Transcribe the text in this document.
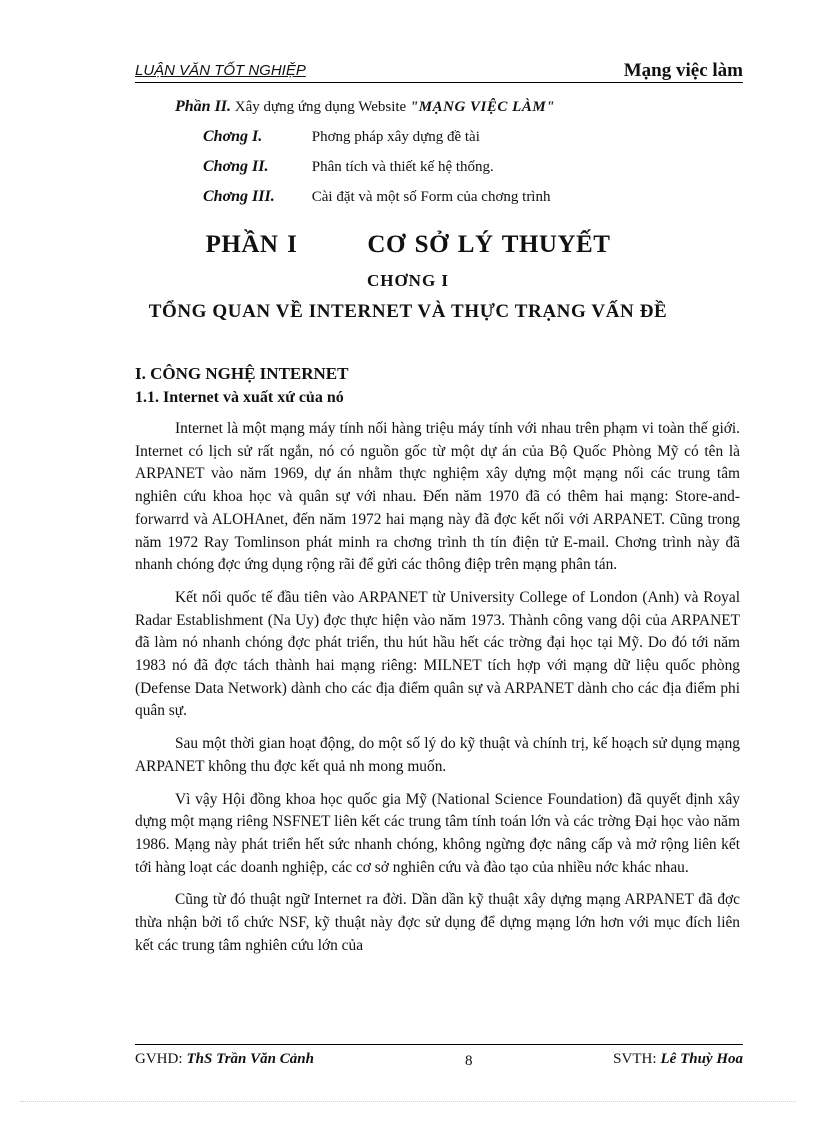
LUẬN VĂN TỐT NGHIỆP	Mạng việc làm
Phần II. Xây dựng ứng dụng Website "MẠNG VIỆC LÀM"
Chơng I.	Phơng pháp xây dựng đề tài
Chơng II.	Phân tích và thiết kế hệ thống.
Chơng III. Cài đặt và một số Form của chơng trình
PHẦN I	CƠ SỞ LÝ THUYẾT
CHƠNG I
TỔNG QUAN VỀ INTERNET VÀ THỰC TRẠNG VẤN ĐỀ
I. CÔNG NGHỆ INTERNET
1.1. Internet và xuất xứ của nó

Internet là một mạng máy tính nối hàng triệu máy tính với nhau trên phạm vi toàn thế giới. Internet có lịch sử rất ngắn, nó có nguồn gốc từ một dự án của Bộ Quốc Phòng Mỹ có tên là ARPANET vào năm 1969, dự án nhằm thực nghiệm xây dựng một mạng nối các trung tâm nghiên cứu khoa học và quân sự với nhau. Đến năm 1970 đã có thêm hai mạng: Store-and-forwarrd và ALOHAnet, đến năm 1972 hai mạng này đã đợc kết nối với ARPANET. Cũng trong năm 1972 Ray Tomlinson phát minh ra chơng trình th tín điện tử E-mail. Chơng trình này đã nhanh chóng đợc ứng dụng rộng rãi để gửi các thông điệp trên mạng phân tán.

Kết nối quốc tế đầu tiên vào ARPANET từ University College of London (Anh) và Royal Radar Establishment (Na Uy) đợc thực hiện vào năm 1973. Thành công vang dội của ARPANET đã làm nó nhanh chóng đợc phát triển, thu hút hầu hết các trờng đại học tại Mỹ. Do đó tới năm 1983 nó đã đợc tách thành hai mạng riêng: MILNET tích hợp với mạng dữ liệu quốc phòng (Defense Data Network) dành cho các địa điểm quân sự và ARPANET dành cho các địa điểm phi quân sự.

Sau một thời gian hoạt động, do một số lý do kỹ thuật và chính trị, kế hoạch sử dụng mạng ARPANET không thu đợc kết quả nh mong muốn.

Vì vậy Hội đồng khoa học quốc gia Mỹ (National Science Foundation) đã quyết định xây dựng một mạng riêng NSFNET liên kết các trung tâm tính toán lớn và các trờng Đại học vào năm 1986. Mạng này phát triển hết sức nhanh chóng, không ngừng đợc nâng cấp và mở rộng liên kết tới hàng loạt các doanh nghiệp, các cơ sở nghiên cứu và đào tạo của nhiều nớc khác nhau.

Cũng từ đó thuật ngữ Internet ra đời. Dần dần kỹ thuật xây dựng mạng ARPANET đã đợc thừa nhận bởi tổ chức NSF, kỹ thuật này đợc sử dụng để dựng mạng lớn hơn với mục đích liên kết các trung tâm nghiên cứu lớn của

GVHD: ThS Trần Văn Cảnh	8	SVTH: Lê Thuỳ Hoa
